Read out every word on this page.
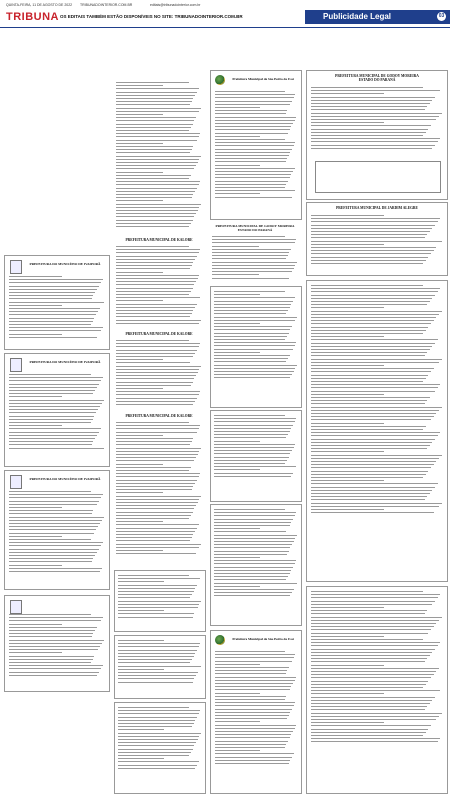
QUINTA-FEIRA, 11 DE AGOSTO DE 2022 TRIBUNADOINTERIOR.COM.BR	editais@tribunadointerior.com.br
TRIBUNA OS EDITAIS TAMBÉM ESTÃO DISPONÍVEIS NO SITE: TRIBUNADOINTERIOR.COM.BR	Publicidade Legal	03
PREFEITURA DO MUNICÍPIO DE IVAIPORÃ
PREFEITURA DO MUNICÍPIO DE IVAIPORÃ
PREFEITURA DO MUNICÍPIO DE IVAIPORÃ
PREFEITURA MUNICIPAL DE KALORÉ
PREFEITURA MUNICIPAL DE KALORÉ
PREFEITURA MUNICIPAL DE KALORÉ
Prefeitura Municipal de São Pedro do Ivaí
PREFEITURA MUNICIPAL DE GODOY MOREIRA
ESTADO DO PARANÁ
Prefeitura Municipal de São Pedro do Ivaí
PREFEITURA MUNICIPAL DE GODOY MOREIRA
ESTADO DO PARANÁ
PREFEITURA MUNICIPAL DE JARDIM ALEGRE
